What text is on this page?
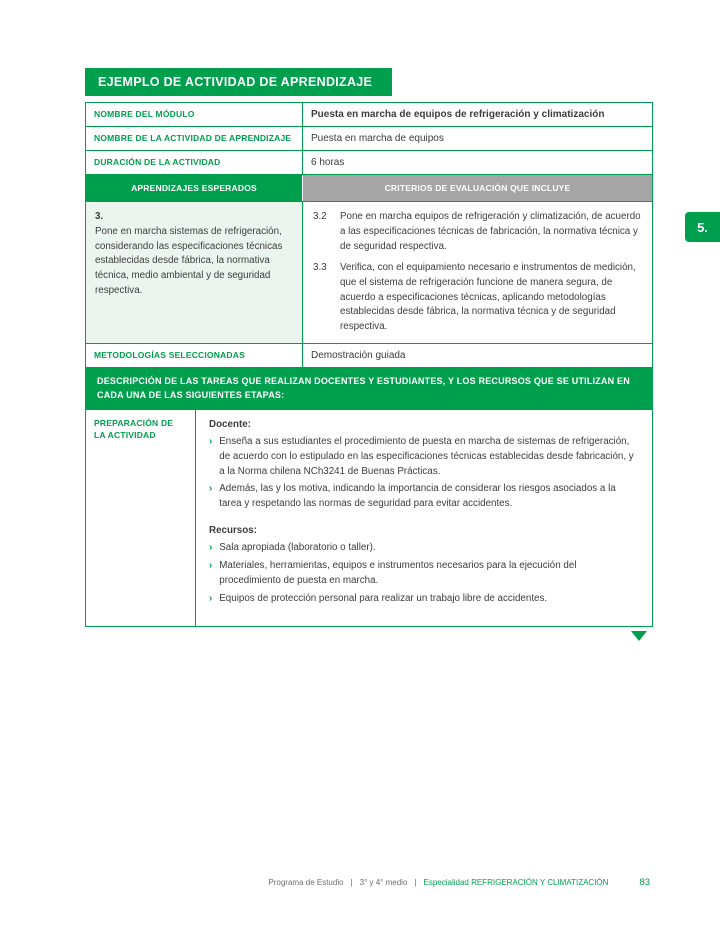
EJEMPLO DE ACTIVIDAD DE APRENDIZAJE
NOMBRE DEL MÓDULO	Puesta en marcha de equipos de refrigeración y climatización
NOMBRE DE LA ACTIVIDAD DE APRENDIZAJE	Puesta en marcha de equipos
DURACIÓN DE LA ACTIVIDAD	6 horas
APRENDIZAJES ESPERADOS	CRITERIOS DE EVALUACIÓN QUE INCLUYE
3.
Pone en marcha sistemas de refrigeración, considerando las especificaciones técnicas establecidas desde fábrica, la normativa técnica, medio ambiental y de seguridad respectiva.
3.2	Pone en marcha equipos de refrigeración y climatización, de acuerdo a las especificaciones técnicas de fabricación, la normativa técnica y de seguridad respectiva.
3.3	Verifica, con el equipamiento necesario e instrumentos de medición, que el sistema de refrigeración funcione de manera segura, de acuerdo a especificaciones técnicas, aplicando metodologías establecidas desde fábrica, la normativa técnica y de seguridad respectiva.
METODOLOGÍAS SELECCIONADAS	Demostración guiada
DESCRIPCIÓN DE LAS TAREAS QUE REALIZAN DOCENTES Y ESTUDIANTES, Y LOS RECURSOS QUE SE UTILIZAN EN CADA UNA DE LAS SIGUIENTES ETAPAS:
PREPARACIÓN DE LA ACTIVIDAD
Docente:
› Enseña a sus estudiantes el procedimiento de puesta en marcha de sistemas de refrigeración, de acuerdo con lo estipulado en las especificaciones técnicas establecidas desde fabricación, y a la Norma chilena NCh3241 de Buenas Prácticas.
› Además, las y los motiva, indicando la importancia de considerar los riesgos asociados a la tarea y respetando las normas de seguridad para evitar accidentes.
Recursos:
› Sala apropiada (laboratorio o taller).
› Materiales, herramientas, equipos e instrumentos necesarios para la ejecución del procedimiento de puesta en marcha.
› Equipos de protección personal para realizar un trabajo libre de accidentes.
5.
Programa de Estudio | 3° y 4° medio | Especialidad REFRIGERACIÓN Y CLIMATIZACIÓN	83
